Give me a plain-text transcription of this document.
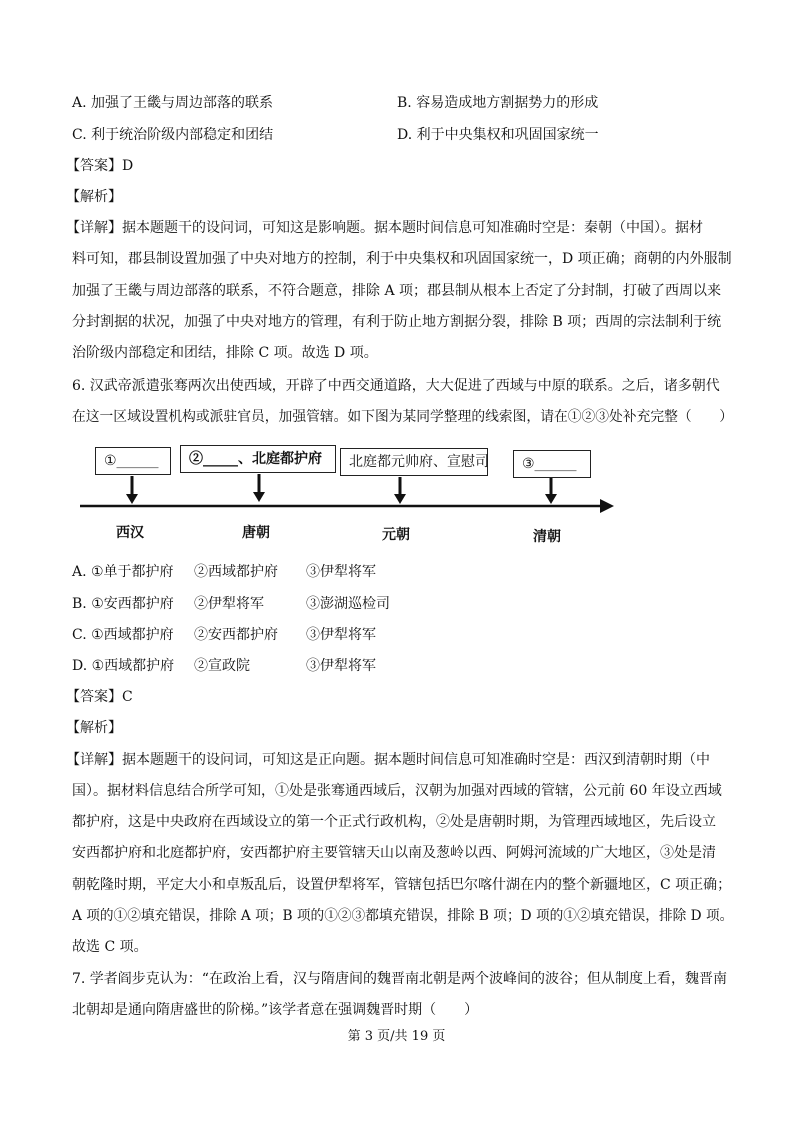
A. 加强了王畿与周边部落的联系	B. 容易造成地方割据势力的形成
C. 利于统治阶级内部稳定和团结	D. 利于中央集权和巩固国家统一
【答案】D
【解析】
【详解】据本题题干的设问词，可知这是影响题。据本题时间信息可知准确时空是：秦朝（中国）。据材
料可知，郡县制设置加强了中央对地方的控制，利于中央集权和巩固国家统一，D 项正确；商朝的内外服制
加强了王畿与周边部落的联系，不符合题意，排除 A 项；郡县制从根本上否定了分封制，打破了西周以来
分封割据的状况，加强了中央对地方的管理，有利于防止地方割据分裂，排除 B 项；西周的宗法制利于统
治阶级内部稳定和团结，排除 C 项。故选 D 项。
6. 汉武帝派遣张骞两次出使西域，开辟了中西交通道路，大大促进了西域与中原的联系。之后，诸多朝代
在这一区域设置机构或派驻官员，加强管辖。如下图为某同学整理的线索图，请在①②③处补充完整（　　）
①______	②_____、北庭都护府	北庭都元帅府、宣慰司	③______
西汉	唐朝	元朝	清朝
A. ①单于都护府 ②西域都护府 ③伊犁将军
B. ①安西都护府 ②伊犁将军	③澎湖巡检司
C. ①西域都护府 ②安西都护府 ③伊犁将军
D. ①西域都护府 ②宣政院	③伊犁将军
【答案】C
【解析】
【详解】据本题题干的设问词，可知这是正向题。据本题时间信息可知准确时空是：西汉到清朝时期（中
国）。据材料信息结合所学可知，①处是张骞通西域后，汉朝为加强对西域的管辖，公元前 60 年设立西域
都护府，这是中央政府在西域设立的第一个正式行政机构，②处是唐朝时期，为管理西域地区，先后设立
安西都护府和北庭都护府，安西都护府主要管辖天山以南及葱岭以西、阿姆河流域的广大地区，③处是清
朝乾隆时期，平定大小和卓叛乱后，设置伊犁将军，管辖包括巴尔喀什湖在内的整个新疆地区，C 项正确；
A 项的①②填充错误，排除 A 项；B 项的①②③都填充错误，排除 B 项；D 项的①②填充错误，排除 D 项。
故选 C 项。
7. 学者阎步克认为：“在政治上看，汉与隋唐间的魏晋南北朝是两个波峰间的波谷；但从制度上看，魏晋南
北朝却是通向隋唐盛世的阶梯。”该学者意在强调魏晋时期（　　）
第 3 页/共 19 页
